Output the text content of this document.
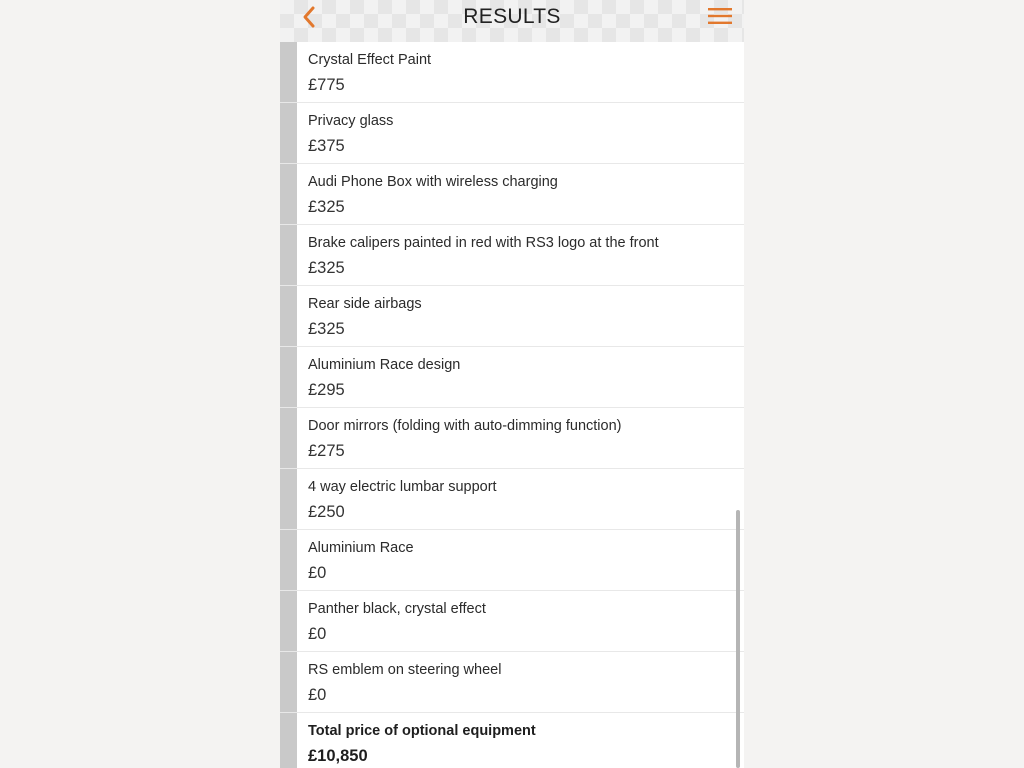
RESULTS
Crystal Effect Paint
£775
Privacy glass
£375
Audi Phone Box with wireless charging
£325
Brake calipers painted in red with RS3 logo at the front
£325
Rear side airbags
£325
Aluminium Race design
£295
Door mirrors (folding with auto-dimming function)
£275
4 way electric lumbar support
£250
Aluminium Race
£0
Panther black, crystal effect
£0
RS emblem on steering wheel
£0
Total price of optional equipment
£10,850
